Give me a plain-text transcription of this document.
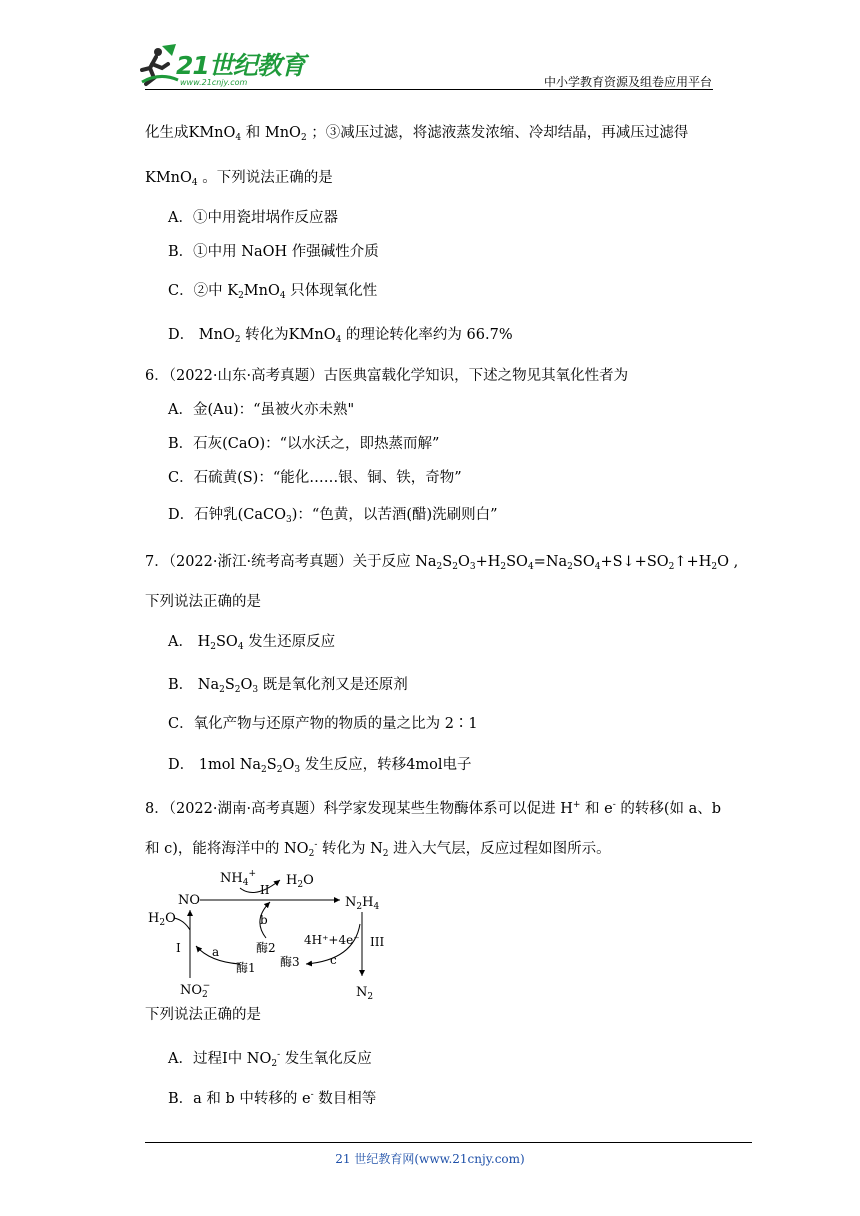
21世纪教育
www.21cnjy.com	中小学教育资源及组卷应用平台
化生成KMnO$_4$ 和 MnO$_2$ ；③减压过滤，将滤液蒸发浓缩、冷却结晶，再减压过滤得
KMnO$_4$ 。下列说法正确的是
A．①中用瓷坩埚作反应器
B．①中用 NaOH 作强碱性介质
C．②中 $K_2MnO_4$ 只体现氧化性
D． MnO$_2$ 转化为KMnO$_4$ 的理论转化率约为 66.7%
6．（2022·山东·高考真题）古医典富载化学知识，下述之物见其氧化性者为
A．金(Au)：“虽被火亦未熟"
B．石灰(CaO)：“以水沃之，即热蒸而解”
C．石硫黄(S)：“能化……银、铜、铁，奇物”
D．石钟乳(CaCO$_3$)：“色黄，以苦酒(醋)洗刷则白”
7．（2022·浙江·统考高考真题）关于反应 $Na_2S_2O_3+H_2SO_4=Na_2SO_4+S↓+SO_2↑+H_2O$ ,
下列说法正确的是
A． $H_2SO_4$ 发生还原反应
B． $Na_2S_2O_3$ 既是氧化剂又是还原剂
C．氧化产物与还原产物的物质的量之比为 2∶1
D． 1mol $Na_2S_2O_3$ 发生反应，转移4mol电子
8．（2022·湖南·高考真题）科学家发现某些生物酶体系可以促进 H+ 和 e- 的转移(如 a、b
和 c)，能将海洋中的 $NO_2^-$ 转化为 $N_2$ 进入大气层，反应过程如图所示。
$NH_4^+$ $H_2O$
NO
II
$N_2H_4$
$H_2O$
I	a
酶1
b
酶2
4H⁺+4e⁻
c
酶3
III
$N_2$
$NO_2-$
下列说法正确的是
A．过程Ⅰ中 $NO_2^-$ 发生氧化反应
B．a 和 b 中转移的 e- 数目相等
21 世纪教育网(www.21cnjy.com)
